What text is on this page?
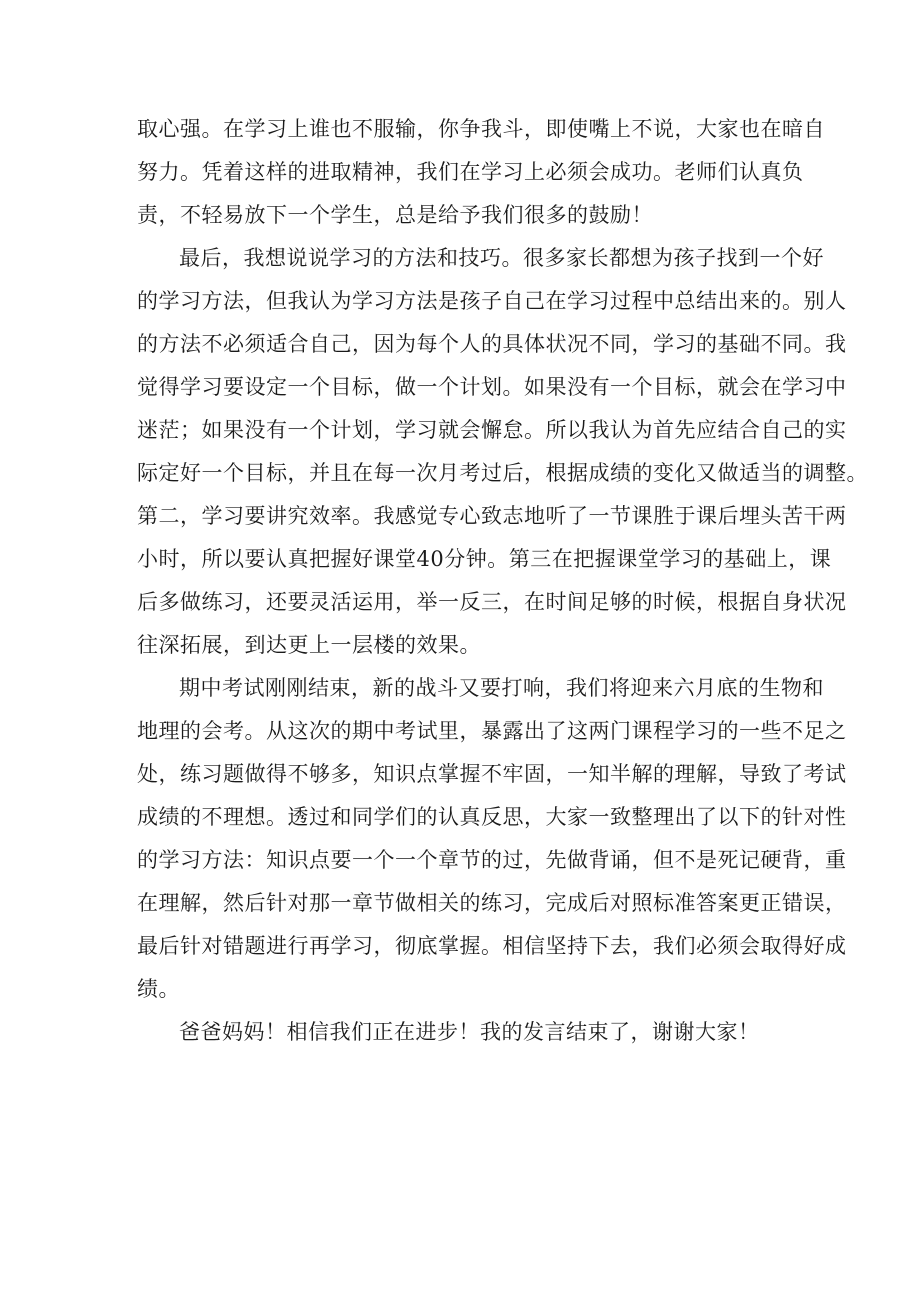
取心强。在学习上谁也不服输，你争我斗，即使嘴上不说，大家也在暗自
努力。凭着这样的进取精神，我们在学习上必须会成功。老师们认真负
责，不轻易放下一个学生，总是给予我们很多的鼓励！
最后，我想说说学习的方法和技巧。很多家长都想为孩子找到一个好
的学习方法，但我认为学习方法是孩子自己在学习过程中总结出来的。别人
的方法不必须适合自己，因为每个人的具体状况不同，学习的基础不同。我
觉得学习要设定一个目标，做一个计划。如果没有一个目标，就会在学习中
迷茫；如果没有一个计划，学习就会懈怠。所以我认为首先应结合自己的实
际定好一个目标，并且在每一次月考过后，根据成绩的变化又做适当的调整。
第二，学习要讲究效率。我感觉专心致志地听了一节课胜于课后埋头苦干两
小时，所以要认真把握好课堂40分钟。第三在把握课堂学习的基础上，课
后多做练习，还要灵活运用，举一反三，在时间足够的时候，根据自身状况
往深拓展，到达更上一层楼的效果。
期中考试刚刚结束，新的战斗又要打响，我们将迎来六月底的生物和
地理的会考。从这次的期中考试里，暴露出了这两门课程学习的一些不足之
处，练习题做得不够多，知识点掌握不牢固，一知半解的理解，导致了考试
成绩的不理想。透过和同学们的认真反思，大家一致整理出了以下的针对性
的学习方法：知识点要一个一个章节的过，先做背诵，但不是死记硬背，重
在理解，然后针对那一章节做相关的练习，完成后对照标准答案更正错误，
最后针对错题进行再学习，彻底掌握。相信坚持下去，我们必须会取得好成
绩。
爸爸妈妈！相信我们正在进步！我的发言结束了，谢谢大家！
